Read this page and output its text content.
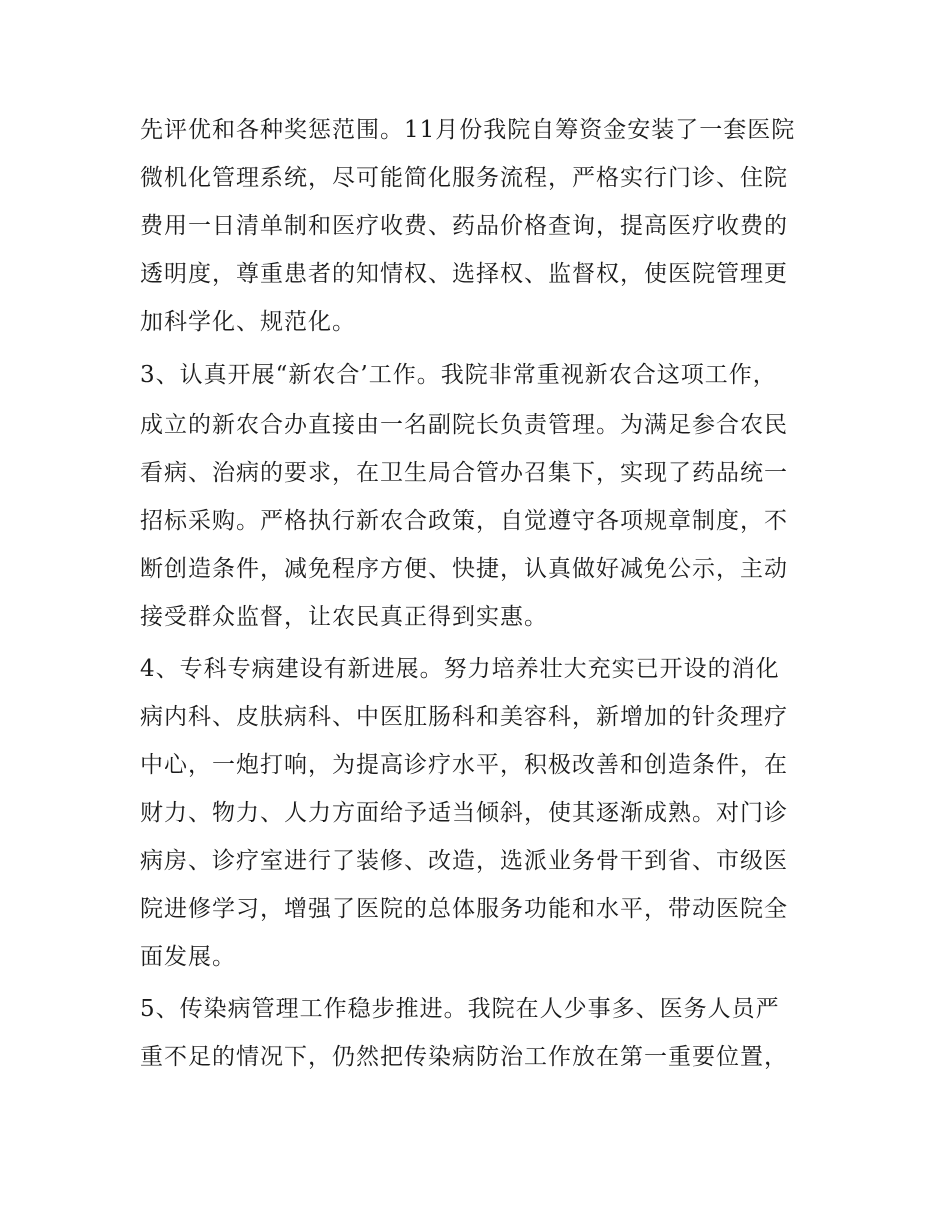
先评优和各种奖惩范围。11月份我院自筹资金安装了一套医院
微机化管理系统，尽可能简化服务流程，严格实行门诊、住院
费用一日清单制和医疗收费、药品价格查询，提高医疗收费的
透明度，尊重患者的知情权、选择权、监督权，使医院管理更
加科学化、规范化。
3、认真开展“新农合’工作。我院非常重视新农合这项工作，
成立的新农合办直接由一名副院长负责管理。为满足参合农民
看病、治病的要求，在卫生局合管办召集下，实现了药品统一
招标采购。严格执行新农合政策，自觉遵守各项规章制度，不
断创造条件，减免程序方便、快捷，认真做好减免公示，主动
接受群众监督，让农民真正得到实惠。
4、专科专病建设有新进展。努力培养壮大充实已开设的消化
病内科、皮肤病科、中医肛肠科和美容科，新增加的针灸理疗
中心，一炮打响，为提高诊疗水平，积极改善和创造条件，在
财力、物力、人力方面给予适当倾斜，使其逐渐成熟。对门诊
病房、诊疗室进行了装修、改造，选派业务骨干到省、市级医
院进修学习，增强了医院的总体服务功能和水平，带动医院全
面发展。
5、传染病管理工作稳步推进。我院在人少事多、医务人员严
重不足的情况下，仍然把传染病防治工作放在第一重要位置，
